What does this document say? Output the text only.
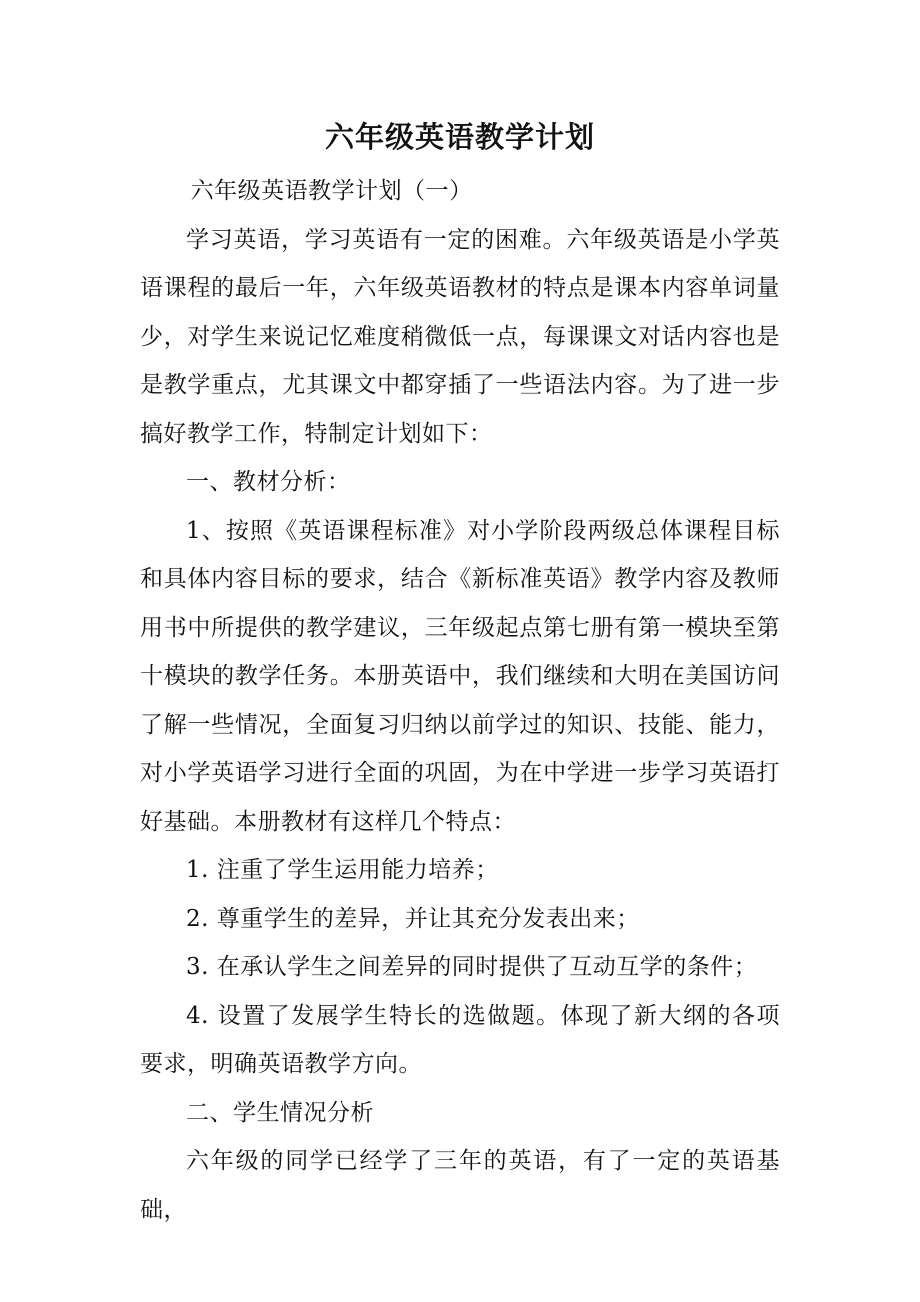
六年级英语教学计划

六年级英语教学计划（一）

学习英语，学习英语有一定的困难。六年级英语是小学英语课程的最后一年，六年级英语教材的特点是课本内容单词量少，对学生来说记忆难度稍微低一点，每课课文对话内容也是是教学重点，尤其课文中都穿插了一些语法内容。为了进一步搞好教学工作，特制定计划如下：

一、教材分析：

1、按照《英语课程标准》对小学阶段两级总体课程目标和具体内容目标的要求，结合《新标准英语》教学内容及教师用书中所提供的教学建议，三年级起点第七册有第一模块至第十模块的教学任务。本册英语中，我们继续和大明在美国访问了解一些情况，全面复习归纳以前学过的知识、技能、能力，对小学英语学习进行全面的巩固，为在中学进一步学习英语打好基础。本册教材有这样几个特点：

1. 注重了学生运用能力培养；

2. 尊重学生的差异，并让其充分发表出来；

3. 在承认学生之间差异的同时提供了互动互学的条件；

4. 设置了发展学生特长的选做题。体现了新大纲的各项要求，明确英语教学方向。

二、学生情况分析

六年级的同学已经学了三年的英语，有了一定的英语基础，
